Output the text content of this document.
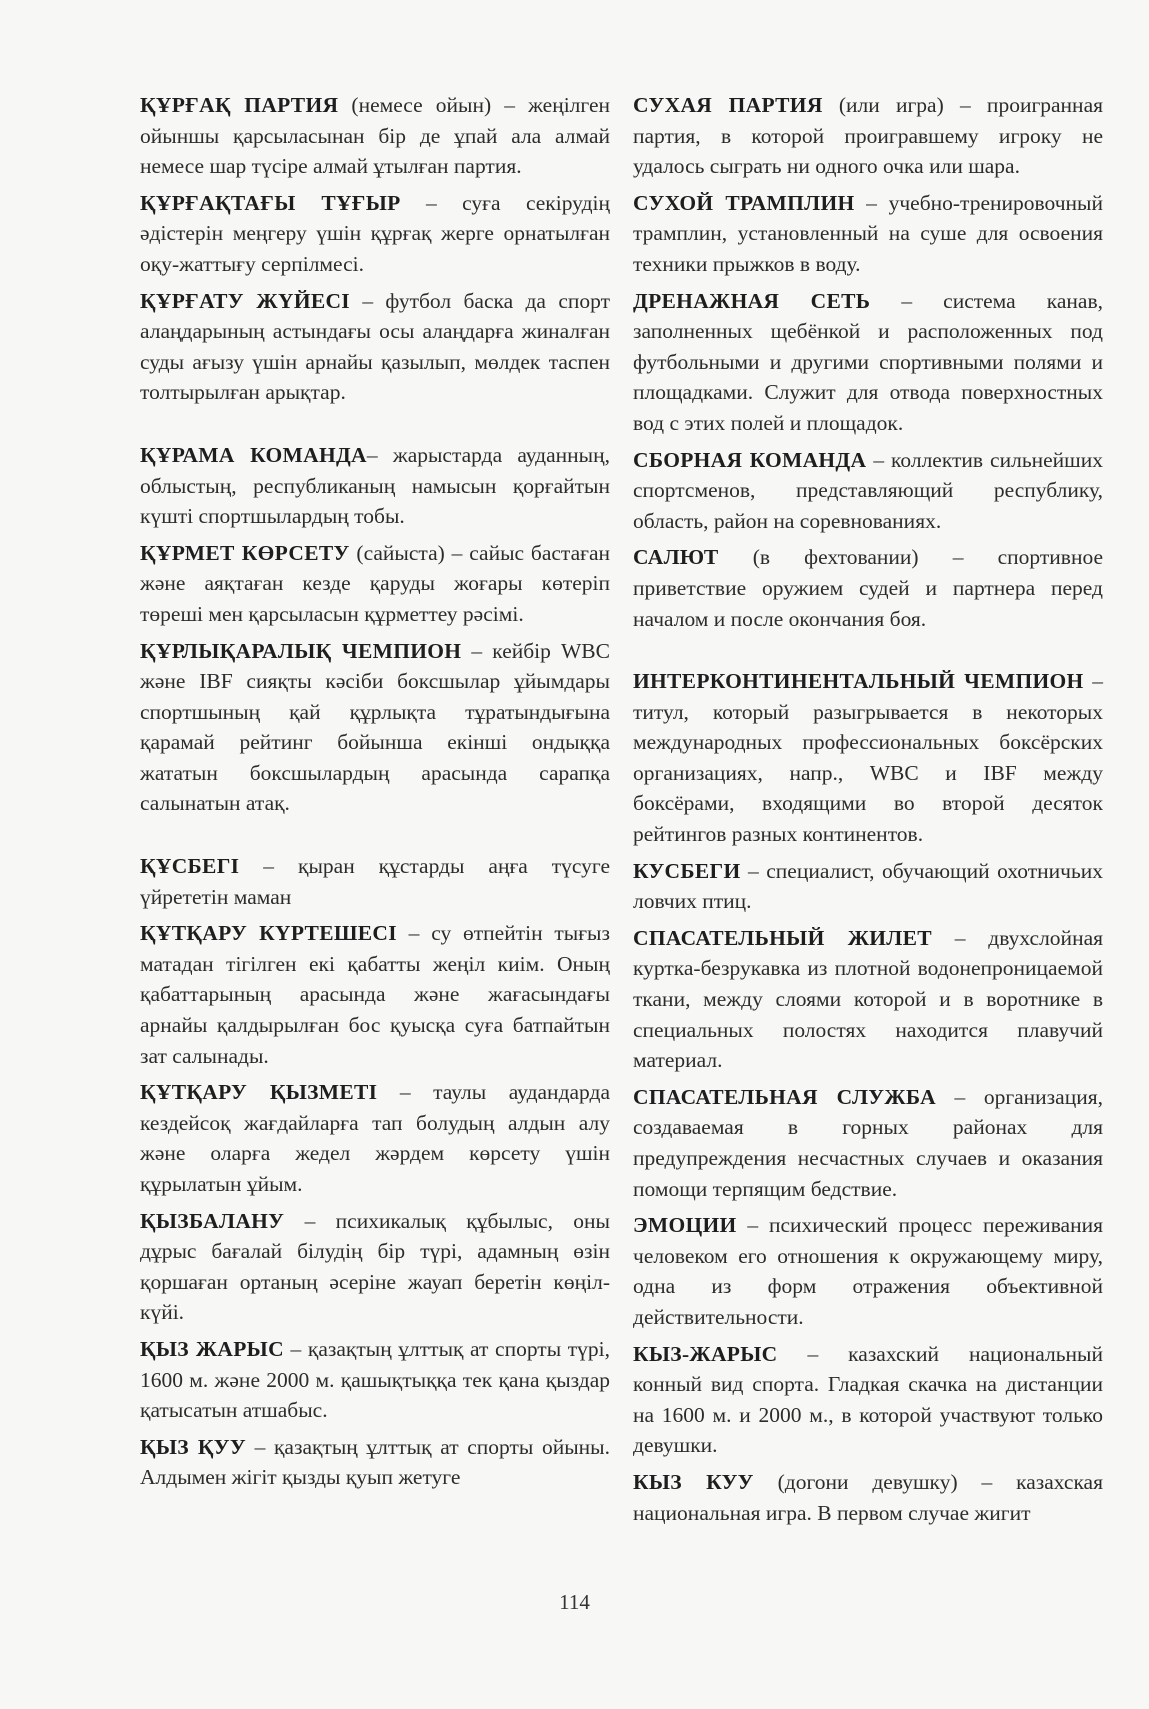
ҚҰРҒАҚ ПАРТИЯ (немесе ойын) – жеңілген ойыншы қарсыласынан бір де ұпай ала алмай немесе шар түсіре алмай ұтылған партия.

ҚҰРҒАҚТАҒЫ ТҰҒЫР – суға секірудің әдістерін меңгеру үшін құрғақ жерге орнатылған оқу-жаттығу серпілмесі.

ҚҰРҒАТУ ЖҮЙЕСІ – футбол баска да спорт алаңдарының астындағы осы алаңдарға жиналған суды ағызу үшін арнайы қазылып, мөлдек таспен толтырылған арықтар.

ҚҰРАМА КОМАНДА– жарыстарда ауданның, облыстың, республиканың намысын қорғайтын күшті спортшылардың тобы.

ҚҰРМЕТ КӨРСЕТУ (сайыста) – сайыс бастаған және аяқтаған кезде қаруды жоғары көтеріп төреші мен қарсыласын құрметтеу рәсімі.

ҚҰРЛЫҚАРАЛЫҚ ЧЕМПИОН – кейбір WBC және IBF сияқты кәсіби боксшылар ұйымдары спортшының қай құрлықта тұратындығына қарамай рейтинг бойынша екінші ондыққа жататын боксшылардың арасында сарапқа салынатын атақ.

ҚҰСБЕГІ – қыран құстарды аңға түсуге үйрететін маман

ҚҰТҚАРУ КҮРТЕШЕСІ – су өтпейтін тығыз матадан тігілген екі қабатты жеңіл киім. Оның қабаттарының арасында және жағасындағы арнайы қалдырылған бос қуысқа суға батпайтын зат салынады.

ҚҰТҚАРУ ҚЫЗМЕТІ – таулы аудандарда кездейсоқ жағдайларға тап болудың алдын алу және оларға жедел жәрдем көрсету үшін құрылатын ұйым.

ҚЫЗБАЛАНУ – психикалық құбылыс, оны дұрыс бағалай білудің бір түрі, адамның өзін қоршаған ортаның әсеріне жауап беретін көңіл-күйі.

ҚЫЗ ЖАРЫС – қазақтың ұлттық ат спорты түрі, 1600 м. және 2000 м. қашықтыққа тек қана қыздар қатысатын атшабыс.

ҚЫЗ ҚУУ – қазақтың ұлттық ат спорты ойыны. Алдымен жігіт қызды қуып жетуге

СУХАЯ ПАРТИЯ (или игра) – проигранная партия, в которой проигравшему игроку не удалось сыграть ни одного очка или шара.

СУХОЙ ТРАМПЛИН – учебно-тренировочный трамплин, установленный на суше для освоения техники прыжков в воду.

ДРЕНАЖНАЯ СЕТЬ – система канав, заполненных щебёнкой и расположенных под футбольными и другими спортивными полями и площадками. Служит для отвода поверхностных вод с этих полей и площадок.

СБОРНАЯ КОМАНДА – коллектив сильнейших спортсменов, представляющий республику, область, район на соревнованиях.

САЛЮТ (в фехтовании) – спортивное приветствие оружием судей и партнера перед началом и после окончания боя.

ИНТЕРКОНТИНЕНТАЛЬНЫЙ ЧЕМПИОН – титул, который разыгрывается в некоторых международных профессиональных боксёрских организациях, напр., WBC и IBF между боксёрами, входящими во второй десяток рейтингов разных континентов.

КУСБЕГИ – специалист, обучающий охотничьих ловчих птиц.

СПАСАТЕЛЬНЫЙ ЖИЛЕТ – двухслойная куртка-безрукавка из плотной водонепроницаемой ткани, между слоями которой и в воротнике в специальных полостях находится плавучий материал.

СПАСАТЕЛЬНАЯ СЛУЖБА – организация, создаваемая в горных районах для предупреждения несчастных случаев и оказания помощи терпящим бедствие.

ЭМОЦИИ – психический процесс переживания человеком его отношения к окружающему миру, одна из форм отражения объективной действительности.

КЫЗ-ЖАРЫС – казахский национальный конный вид спорта. Гладкая скачка на дистанции на 1600 м. и 2000 м., в которой участвуют только девушки.

КЫЗ КУУ (догони девушку) – казахская национальная игра. В первом случае жигит

114
